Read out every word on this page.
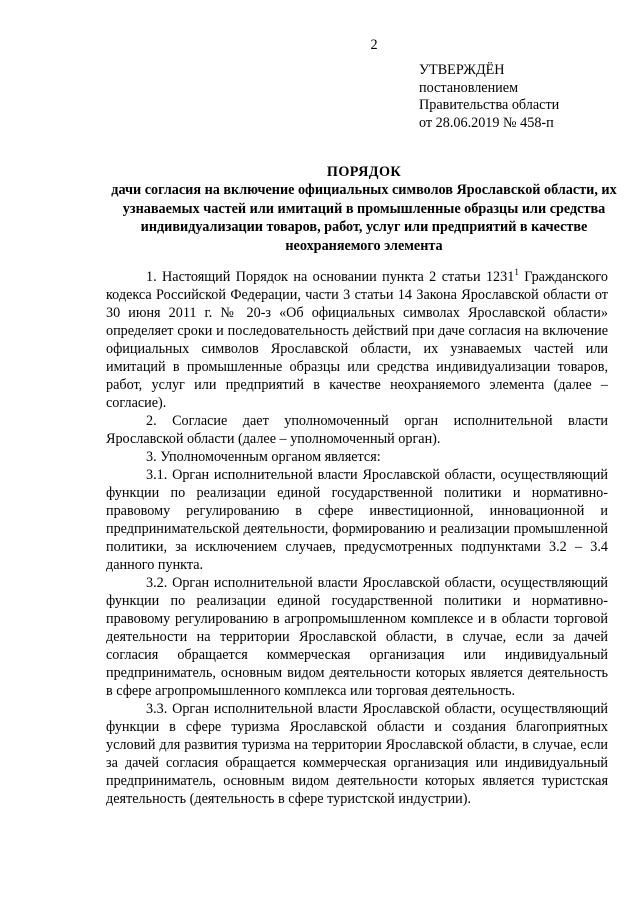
2
УТВЕРЖДЁН
постановлением
Правительства области
от 28.06.2019 № 458-п
ПОРЯДОК
дачи согласия на включение официальных символов Ярославской области, их узнаваемых частей или имитаций в промышленные образцы или средства индивидуализации товаров, работ, услуг или предприятий в качестве неохраняемого элемента

1. Настоящий Порядок на основании пункта 2 статьи 1231$^1$ Гражданского кодекса Российской Федерации, части 3 статьи 14 Закона Ярославской области от 30 июня 2011 г. № 20-з «Об официальных символах Ярославской области» определяет сроки и последовательность действий при даче согласия на включение официальных символов Ярославской области, их узнаваемых частей или имитаций в промышленные образцы или средства индивидуализации товаров, работ, услуг или предприятий в качестве неохраняемого элемента (далее – согласие).

2. Согласие дает уполномоченный орган исполнительной власти Ярославской области (далее – уполномоченный орган).

3. Уполномоченным органом является:

3.1. Орган исполнительной власти Ярославской области, осуществляющий функции по реализации единой государственной политики и нормативно-правовому регулированию в сфере инвестиционной, инновационной и предпринимательской деятельности, формированию и реализации промышленной политики, за исключением случаев, предусмотренных подпунктами 3.2 – 3.4 данного пункта.

3.2. Орган исполнительной власти Ярославской области, осуществляющий функции по реализации единой государственной политики и нормативно-правовому регулированию в агропромышленном комплексе и в области торговой деятельности на территории Ярославской области, в случае, если за дачей согласия обращается коммерческая организация или индивидуальный предприниматель, основным видом деятельности которых является деятельность в сфере агропромышленного комплекса или торговая деятельность.

3.3. Орган исполнительной власти Ярославской области, осуществляющий функции в сфере туризма Ярославской области и создания благоприятных условий для развития туризма на территории Ярославской области, в случае, если за дачей согласия обращается коммерческая организация или индивидуальный предприниматель, основным видом деятельности которых является туристская деятельность (деятельность в сфере туристской индустрии).
